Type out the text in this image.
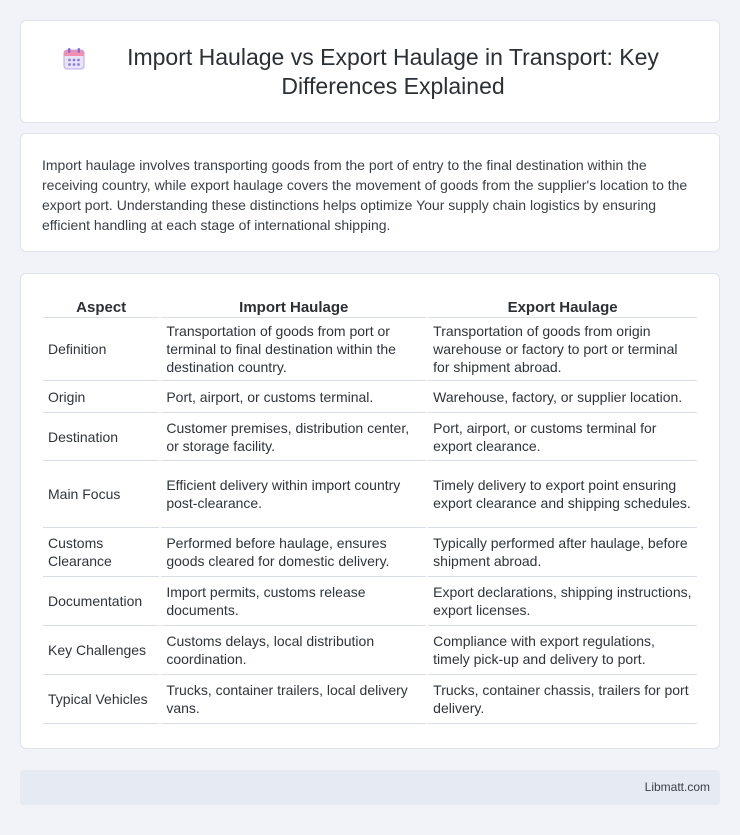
Import Haulage vs Export Haulage in Transport: Key Differences Explained

Import haulage involves transporting goods from the port of entry to the final destination within the receiving country, while export haulage covers the movement of goods from the supplier's location to the export port. Understanding these distinctions helps optimize Your supply chain logistics by ensuring efficient handling at each stage of international shipping.

Aspect	Import Haulage	Export Haulage
Definition	Transportation of goods from port or terminal to final destination within the destination country.	Transportation of goods from origin warehouse or factory to port or terminal for shipment abroad.
Origin	Port, airport, or customs terminal.	Warehouse, factory, or supplier location.
Destination	Customer premises, distribution center, or storage facility.	Port, airport, or customs terminal for export clearance.
Main Focus	Efficient delivery within import country post-clearance.	Timely delivery to export point ensuring export clearance and shipping schedules.
Customs Clearance	Performed before haulage, ensures goods cleared for domestic delivery.	Typically performed after haulage, before shipment abroad.
Documentation	Import permits, customs release documents.	Export declarations, shipping instructions, export licenses.
Key Challenges	Customs delays, local distribution coordination.	Compliance with export regulations, timely pick-up and delivery to port.
Typical Vehicles	Trucks, container trailers, local delivery vans.	Trucks, container chassis, trailers for port delivery.
Libmatt.com
